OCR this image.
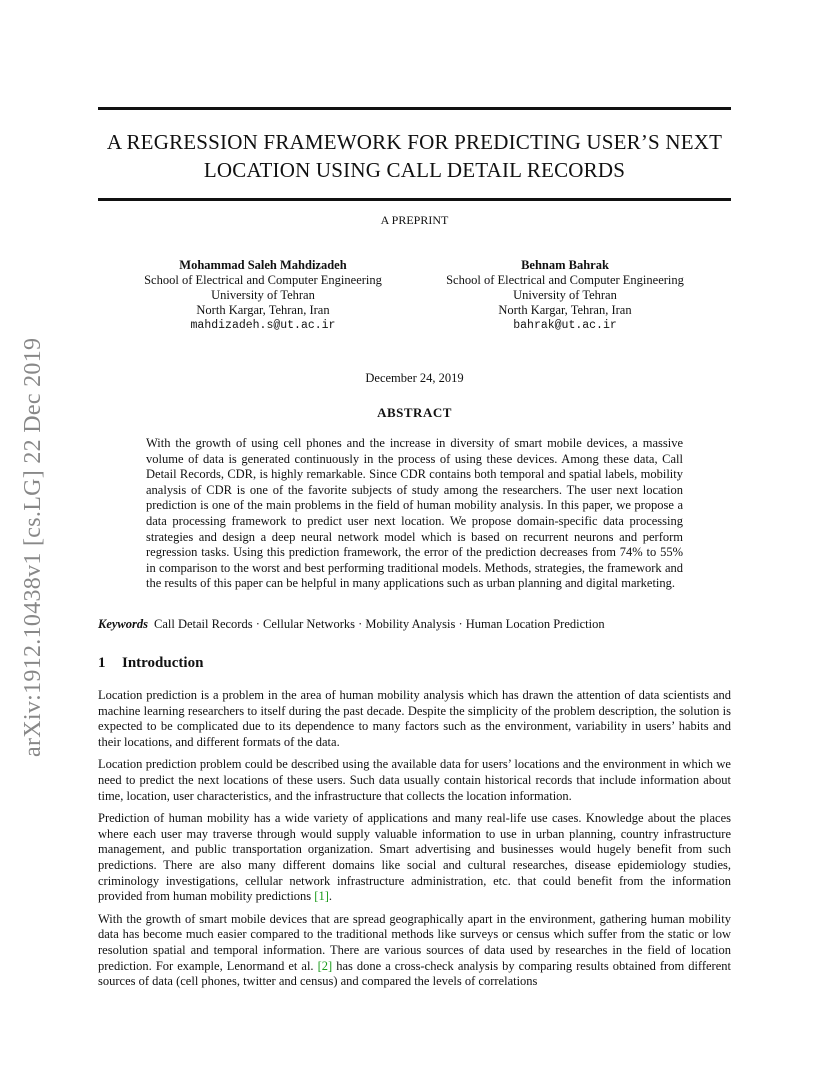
arXiv:1912.10438v1 [cs.LG] 22 Dec 2019
A REGRESSION FRAMEWORK FOR PREDICTING USER’S NEXT
LOCATION USING CALL DETAIL RECORDS
A PREPRINT
Mohammad Saleh Mahdizadeh
School of Electrical and Computer Engineering
University of Tehran
North Kargar, Tehran, Iran
mahdizadeh.s@ut.ac.ir
Behnam Bahrak
School of Electrical and Computer Engineering
University of Tehran
North Kargar, Tehran, Iran
bahrak@ut.ac.ir
December 24, 2019
ABSTRACT
With the growth of using cell phones and the increase in diversity of smart mobile devices, a massive volume of data is generated continuously in the process of using these devices. Among these data, Call Detail Records, CDR, is highly remarkable. Since CDR contains both temporal and spatial labels, mobility analysis of CDR is one of the favorite subjects of study among the researchers. The user next location prediction is one of the main problems in the field of human mobility analysis. In this paper, we propose a data processing framework to predict user next location. We propose domain-specific data processing strategies and design a deep neural network model which is based on recurrent neurons and perform regression tasks. Using this prediction framework, the error of the prediction decreases from 74% to 55% in comparison to the worst and best performing traditional models. Methods, strategies, the framework and the results of this paper can be helpful in many applications such as urban planning and digital marketing.
Keywords Call Detail Records · Cellular Networks · Mobility Analysis · Human Location Prediction
1 Introduction

Location prediction is a problem in the area of human mobility analysis which has drawn the attention of data scientists and machine learning researchers to itself during the past decade. Despite the simplicity of the problem description, the solution is expected to be complicated due to its dependence to many factors such as the environment, variability in users’ habits and their locations, and different formats of the data.

Location prediction problem could be described using the available data for users’ locations and the environment in which we need to predict the next locations of these users. Such data usually contain historical records that include information about time, location, user characteristics, and the infrastructure that collects the location information.

Prediction of human mobility has a wide variety of applications and many real-life use cases. Knowledge about the places where each user may traverse through would supply valuable information to use in urban planning, country infrastructure management, and public transportation organization. Smart advertising and businesses would hugely benefit from such predictions. There are also many different domains like social and cultural researches, disease epidemiology studies, criminology investigations, cellular network infrastructure administration, etc. that could benefit from the information provided from human mobility predictions [1].

With the growth of smart mobile devices that are spread geographically apart in the environment, gathering human mobility data has become much easier compared to the traditional methods like surveys or census which suffer from the static or low resolution spatial and temporal information. There are various sources of data used by researches in the field of location prediction. For example, Lenormand et al. [2] has done a cross-check analysis by comparing results obtained from different sources of data (cell phones, twitter and census) and compared the levels of correlations
